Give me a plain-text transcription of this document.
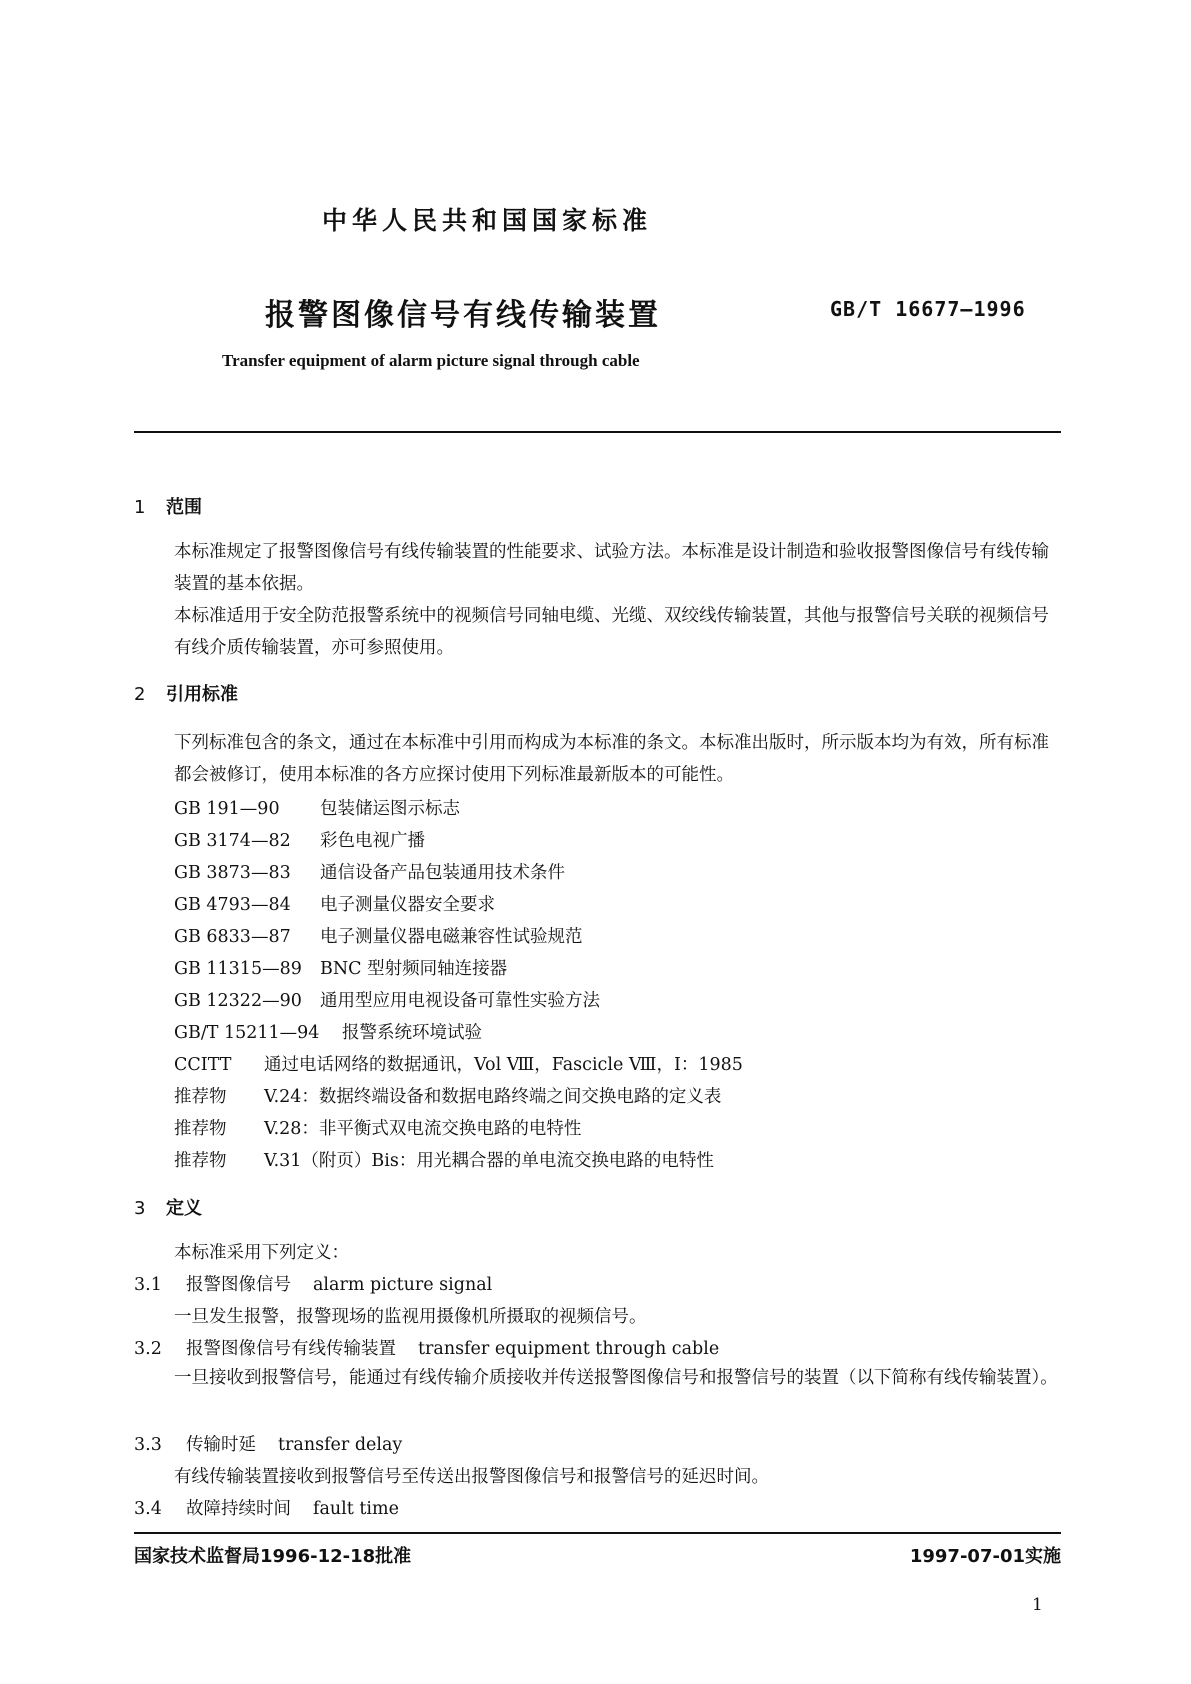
中华人民共和国国家标准
报警图像信号有线传输装置	GB/T 16677—1996
Transfer equipment of alarm picture signal through cable
1 范围
本标准规定了报警图像信号有线传输装置的性能要求、试验方法。本标准是设计制造和验收报警图像信号有线传输装置的基本依据。
本标准适用于安全防范报警系统中的视频信号同轴电缆、光缆、双绞线传输装置，其他与报警信号关联的视频信号有线介质传输装置，亦可参照使用。
2 引用标准
下列标准包含的条文，通过在本标准中引用而构成为本标准的条文。本标准出版时，所示版本均为有效，所有标准都会被修订，使用本标准的各方应探讨使用下列标准最新版本的可能性。
GB 191—90 包装储运图示标志
GB 3174—82 彩色电视广播
GB 3873—83 通信设备产品包装通用技术条件
GB 4793—84 电子测量仪器安全要求
GB 6833—87 电子测量仪器电磁兼容性试验规范
GB 11315—89 BNC 型射频同轴连接器
GB 12322—90 通用型应用电视设备可靠性实验方法
GB/T 15211—94 报警系统环境试验
CCITT 通过电话网络的数据通讯，Vol Ⅷ，Fascicle Ⅷ，Ⅰ：1985
推荐物 V.24：数据终端设备和数据电路终端之间交换电路的定义表
推荐物 V.28：非平衡式双电流交换电路的电特性
推荐物 V.31（附页）Bis：用光耦合器的单电流交换电路的电特性
3 定义
本标准采用下列定义：
3.1 报警图像信号 alarm picture signal
一旦发生报警，报警现场的监视用摄像机所摄取的视频信号。
3.2 报警图像信号有线传输装置 transfer equipment through cable
一旦接收到报警信号，能通过有线传输介质接收并传送报警图像信号和报警信号的装置（以下简称有线传输装置）。
3.3 传输时延 transfer delay
有线传输装置接收到报警信号至传送出报警图像信号和报警信号的延迟时间。
3.4 故障持续时间 fault time
国家技术监督局1996-12-18批准	1997-07-01实施
1
